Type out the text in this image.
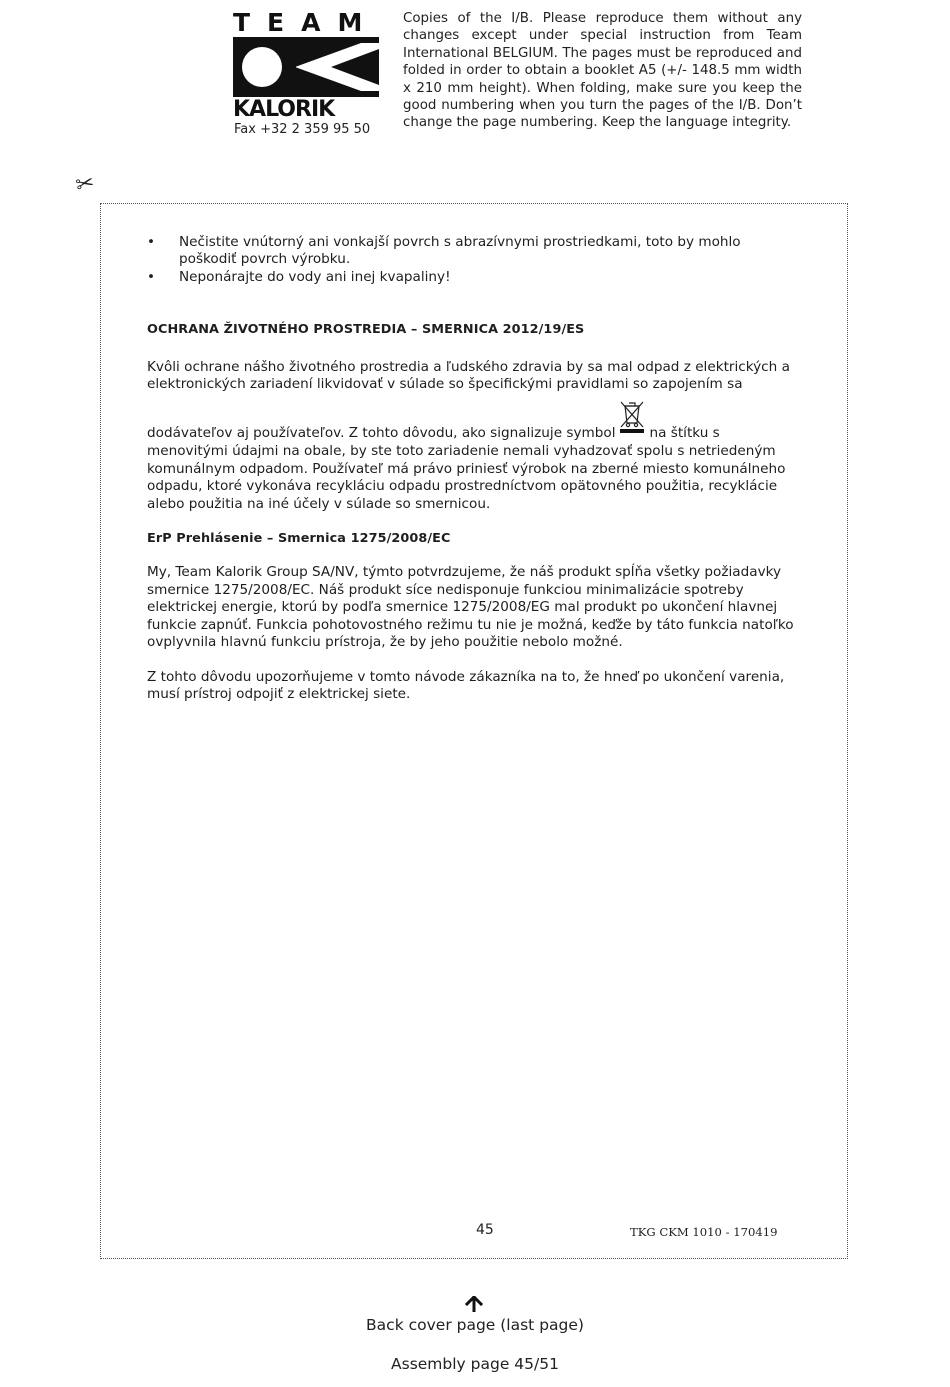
TEAM
KALORIK
Fax +32 2 359 95 50
Copies of the I/B. Please reproduce them without any changes except under special instruction from Team International BELGIUM. The pages must be reproduced and folded in order to obtain a booklet A5 (+/- 148.5 mm width x 210 mm height). When folding, make sure you keep the good numbering when you turn the pages of the I/B. Don’t change the page numbering. Keep the language integrity.
✂
• Nečistite vnútorný ani vonkajší povrch s abrazívnymi prostriedkami, toto by mohlo poškodiť povrch výrobku.
• Neponárajte do vody ani inej kvapaliny!

OCHRANA ŽIVOTNÉHO PROSTREDIA – SMERNICA 2012/19/ES

Kvôli ochrane nášho životného prostredia a ľudského zdravia by sa mal odpad z elektrických a elektronických zariadení likvidovať v súlade so špecifickými pravidlami so zapojením sa

dodávateľov aj používateľov. Z tohto dôvodu, ako signalizuje symbol	na štítku s menovitými údajmi na obale, by ste toto zariadenie nemali vyhadzovať spolu s netriedeným komunálnym odpadom. Používateľ má právo priniesť výrobok na zberné miesto komunálneho odpadu, ktoré vykonáva recykláciu odpadu prostredníctvom opätovného použitia, recyklácie alebo použitia na iné účely v súlade so smernicou.

ErP Prehlásenie – Smernica 1275/2008/EC

My, Team Kalorik Group SA/NV, týmto potvrdzujeme, že náš produkt spĺňa všetky požiadavky smernice 1275/2008/EC. Náš produkt síce nedisponuje funkciou minimalizácie spotreby elektrickej energie, ktorú by podľa smernice 1275/2008/EG mal produkt po ukončení hlavnej funkcie zapnúť. Funkcia pohotovostného režimu tu nie je možná, keďže by táto funkcia natoľko ovplyvnila hlavnú funkciu prístroja, že by jeho použitie nebolo možné.

Z tohto dôvodu upozorňujeme v tomto návode zákazníka na to, že hneď po ukončení varenia, musí prístroj odpojiť z elektrickej siete.

45	TKG CKM 1010 - 170419
Back cover page (last page)
Assembly page 45/51
